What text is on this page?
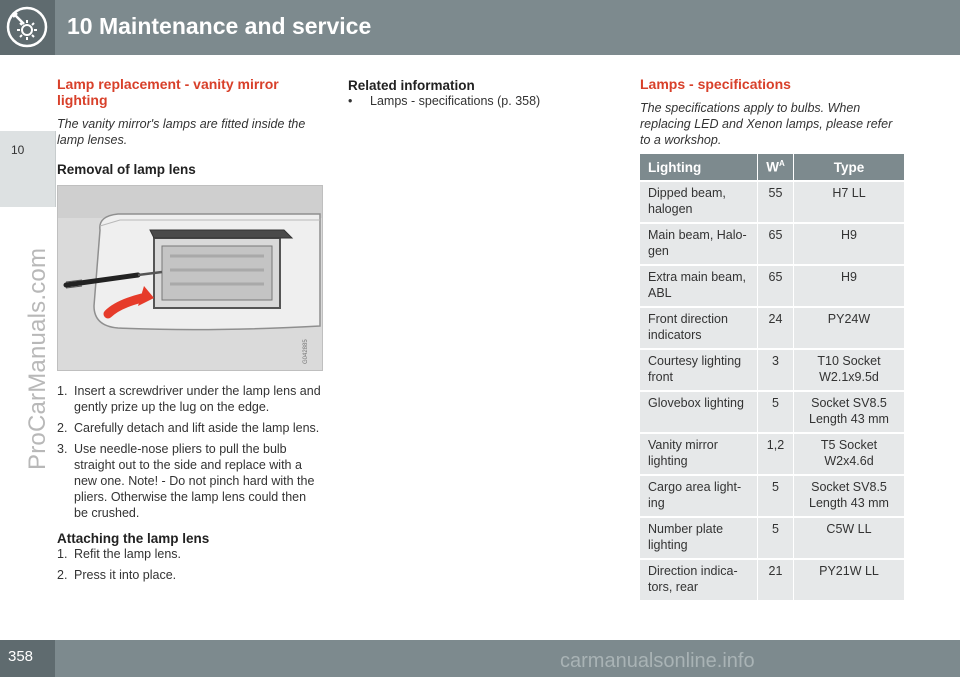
10 Maintenance and service
10
ProCarManuals.com
Lamp replacement - vanity mirror lighting

The vanity mirror's lamps are fitted inside the lamp lenses.

Removal of lamp lens
G042885
1. Insert a screwdriver under the lamp lens and gently prize up the lug on the edge.
2. Carefully detach and lift aside the lamp lens.
3. Use needle-nose pliers to pull the bulb straight out to the side and replace with a new one. Note! - Do not pinch hard with the pliers. Otherwise the lamp lens could then be crushed.
Attaching the lamp lens
1. Refit the lamp lens.
2. Press it into place.
Related information
• Lamps - specifications (p. 358)
Lamps - specifications

The specifications apply to bulbs. When replacing LED and Xenon lamps, please refer to a workshop.

Lighting	$W^A$	Type
Dipped beam, halogen	55	H7 LL
Main beam, Halo-gen	65	H9
Extra main beam, ABL	65	H9
Front direction indicators	24	PY24W
Courtesy lighting front	3	T10 Socket W2.1x9.5d
Glovebox lighting	5	Socket SV8.5 Length 43 mm
Vanity mirror lighting	1,2	T5 Socket W2x4.6d
Cargo area light-ing	5	Socket SV8.5 Length 43 mm
Number plate lighting	5	C5W LL
Direction indica-tors, rear	21	PY21W LL
358	carmanualsonline.info
